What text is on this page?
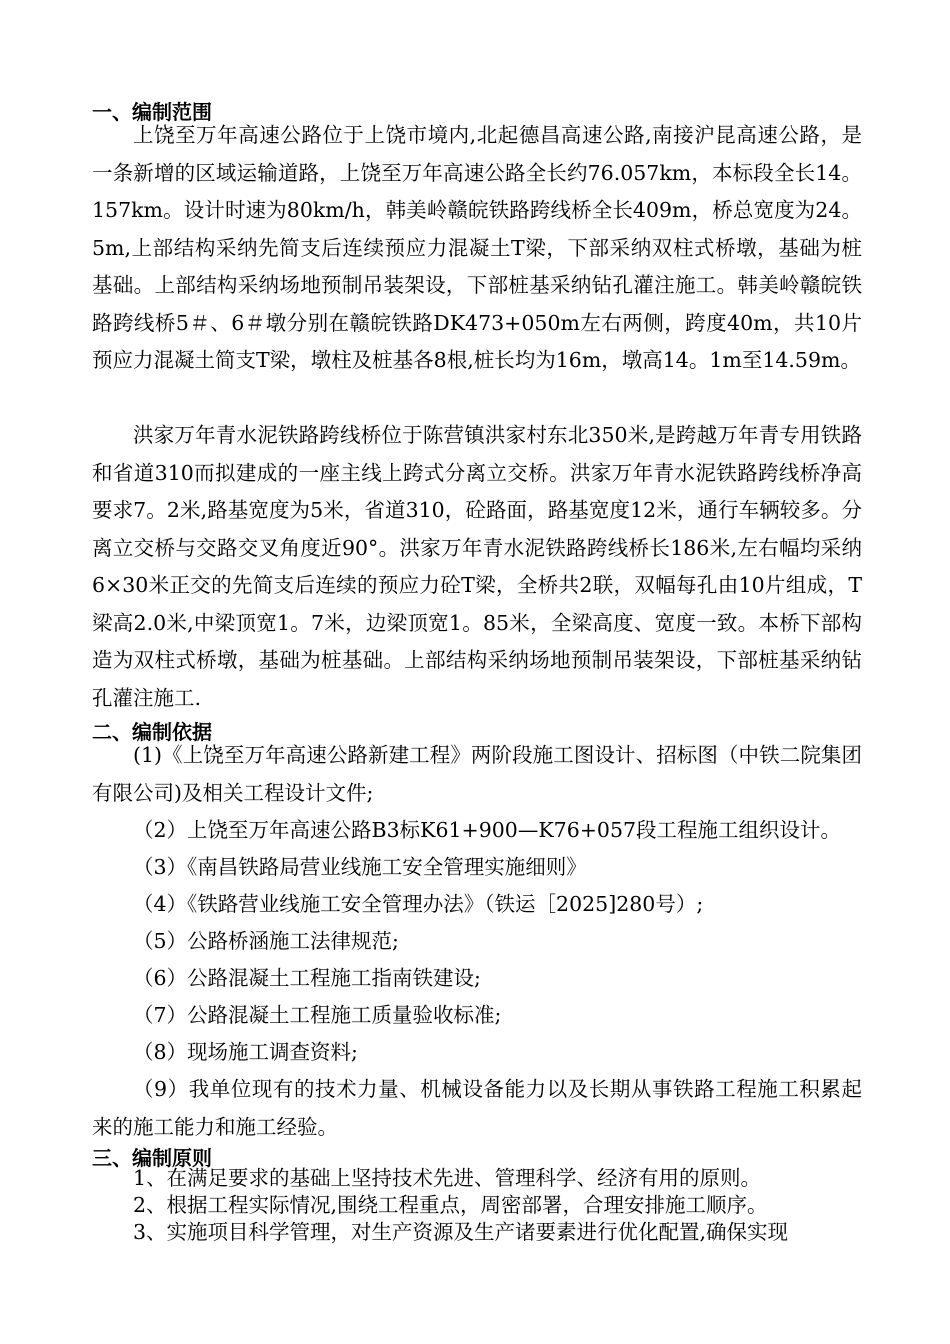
一、编制范围

上饶至万年高速公路位于上饶市境内,北起德昌高速公路,南接沪昆高速公路，是一条新增的区域运输道路，上饶至万年高速公路全长约76.057km，本标段全长14。157km。设计时速为80km/h，韩美岭赣皖铁路跨线桥全长409m，桥总宽度为24。5m,上部结构采纳先简支后连续预应力混凝土T梁，下部采纳双柱式桥墩，基础为桩基础。上部结构采纳场地预制吊装架设，下部桩基采纳钻孔灌注施工。韩美岭赣皖铁路跨线桥5＃、6＃墩分别在赣皖铁路DK473+050m左右两侧，跨度40m，共10片预应力混凝土简支T梁，墩柱及桩基各8根,桩长均为16m，墩高14。1m至14.59m。

洪家万年青水泥铁路跨线桥位于陈营镇洪家村东北350米,是跨越万年青专用铁路和省道310而拟建成的一座主线上跨式分离立交桥。洪家万年青水泥铁路跨线桥净高要求7。2米,路基宽度为5米，省道310，砼路面，路基宽度12米，通行车辆较多。分离立交桥与交路交叉角度近90°。洪家万年青水泥铁路跨线桥长186米,左右幅均采纳6×30米正交的先简支后连续的预应力砼T梁，全桥共2联，双幅每孔由10片组成，T梁高2.0米,中梁顶宽1。7米，边梁顶宽1。85米，全梁高度、宽度一致。本桥下部构造为双柱式桥墩，基础为桩基础。上部结构采纳场地预制吊装架设，下部桩基采纳钻孔灌注施工.

二、编制依据

(1)《上饶至万年高速公路新建工程》两阶段施工图设计、招标图（中铁二院集团有限公司)及相关工程设计文件;

（2）上饶至万年高速公路B3标K61+900—K76+057段工程施工组织设计。

（3）《南昌铁路局营业线施工安全管理实施细则》

（4）《铁路营业线施工安全管理办法》（铁运［2025]280号）;

（5）公路桥涵施工法律规范;

（6）公路混凝土工程施工指南铁建设;

（7）公路混凝土工程施工质量验收标准;

（8）现场施工调查资料;

（9）我单位现有的技术力量、机械设备能力以及长期从事铁路工程施工积累起来的施工能力和施工经验。

三、编制原则

1、在满足要求的基础上坚持技术先进、管理科学、经济有用的原则。

2、根据工程实际情况,围绕工程重点，周密部署，合理安排施工顺序。

3、实施项目科学管理，对生产资源及生产诸要素进行优化配置,确保实现
